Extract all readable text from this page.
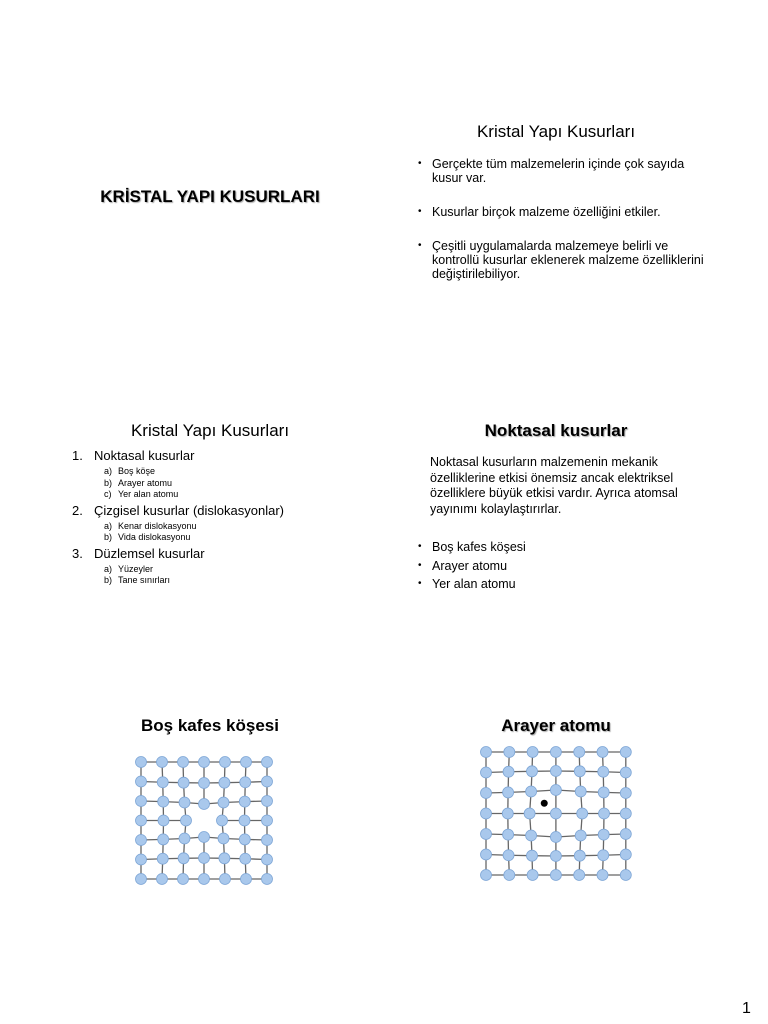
KRİSTAL YAPI KUSURLARI
Kristal Yapı Kusurları
• Gerçekte tüm malzemelerin içinde çok sayıda kusur var.
• Kusurlar birçok malzeme özelliğini etkiler.
• Çeşitli uygulamalarda malzemeye belirli ve kontrollü kusurlar eklenerek malzeme özelliklerini değiştirilebiliyor.
Kristal Yapı Kusurları
1. Noktasal kusurlar
a) Boş köşe
b) Arayer atomu
c) Yer alan atomu
2. Çizgisel kusurlar (dislokasyonlar)
a) Kenar dislokasyonu
b) Vida dislokasyonu
3. Düzlemsel kusurlar
a) Yüzeyler
b) Tane sınırları
Noktasal kusurlar
Noktasal kusurların malzemenin mekanik özelliklerine etkisi önemsiz ancak elektriksel özelliklere büyük etkisi vardır. Ayrıca atomsal yayınımı kolaylaştırırlar.
• Boş kafes köşesi
• Arayer atomu
• Yer alan atomu
Boş kafes köşesi	Arayer atomu
1
